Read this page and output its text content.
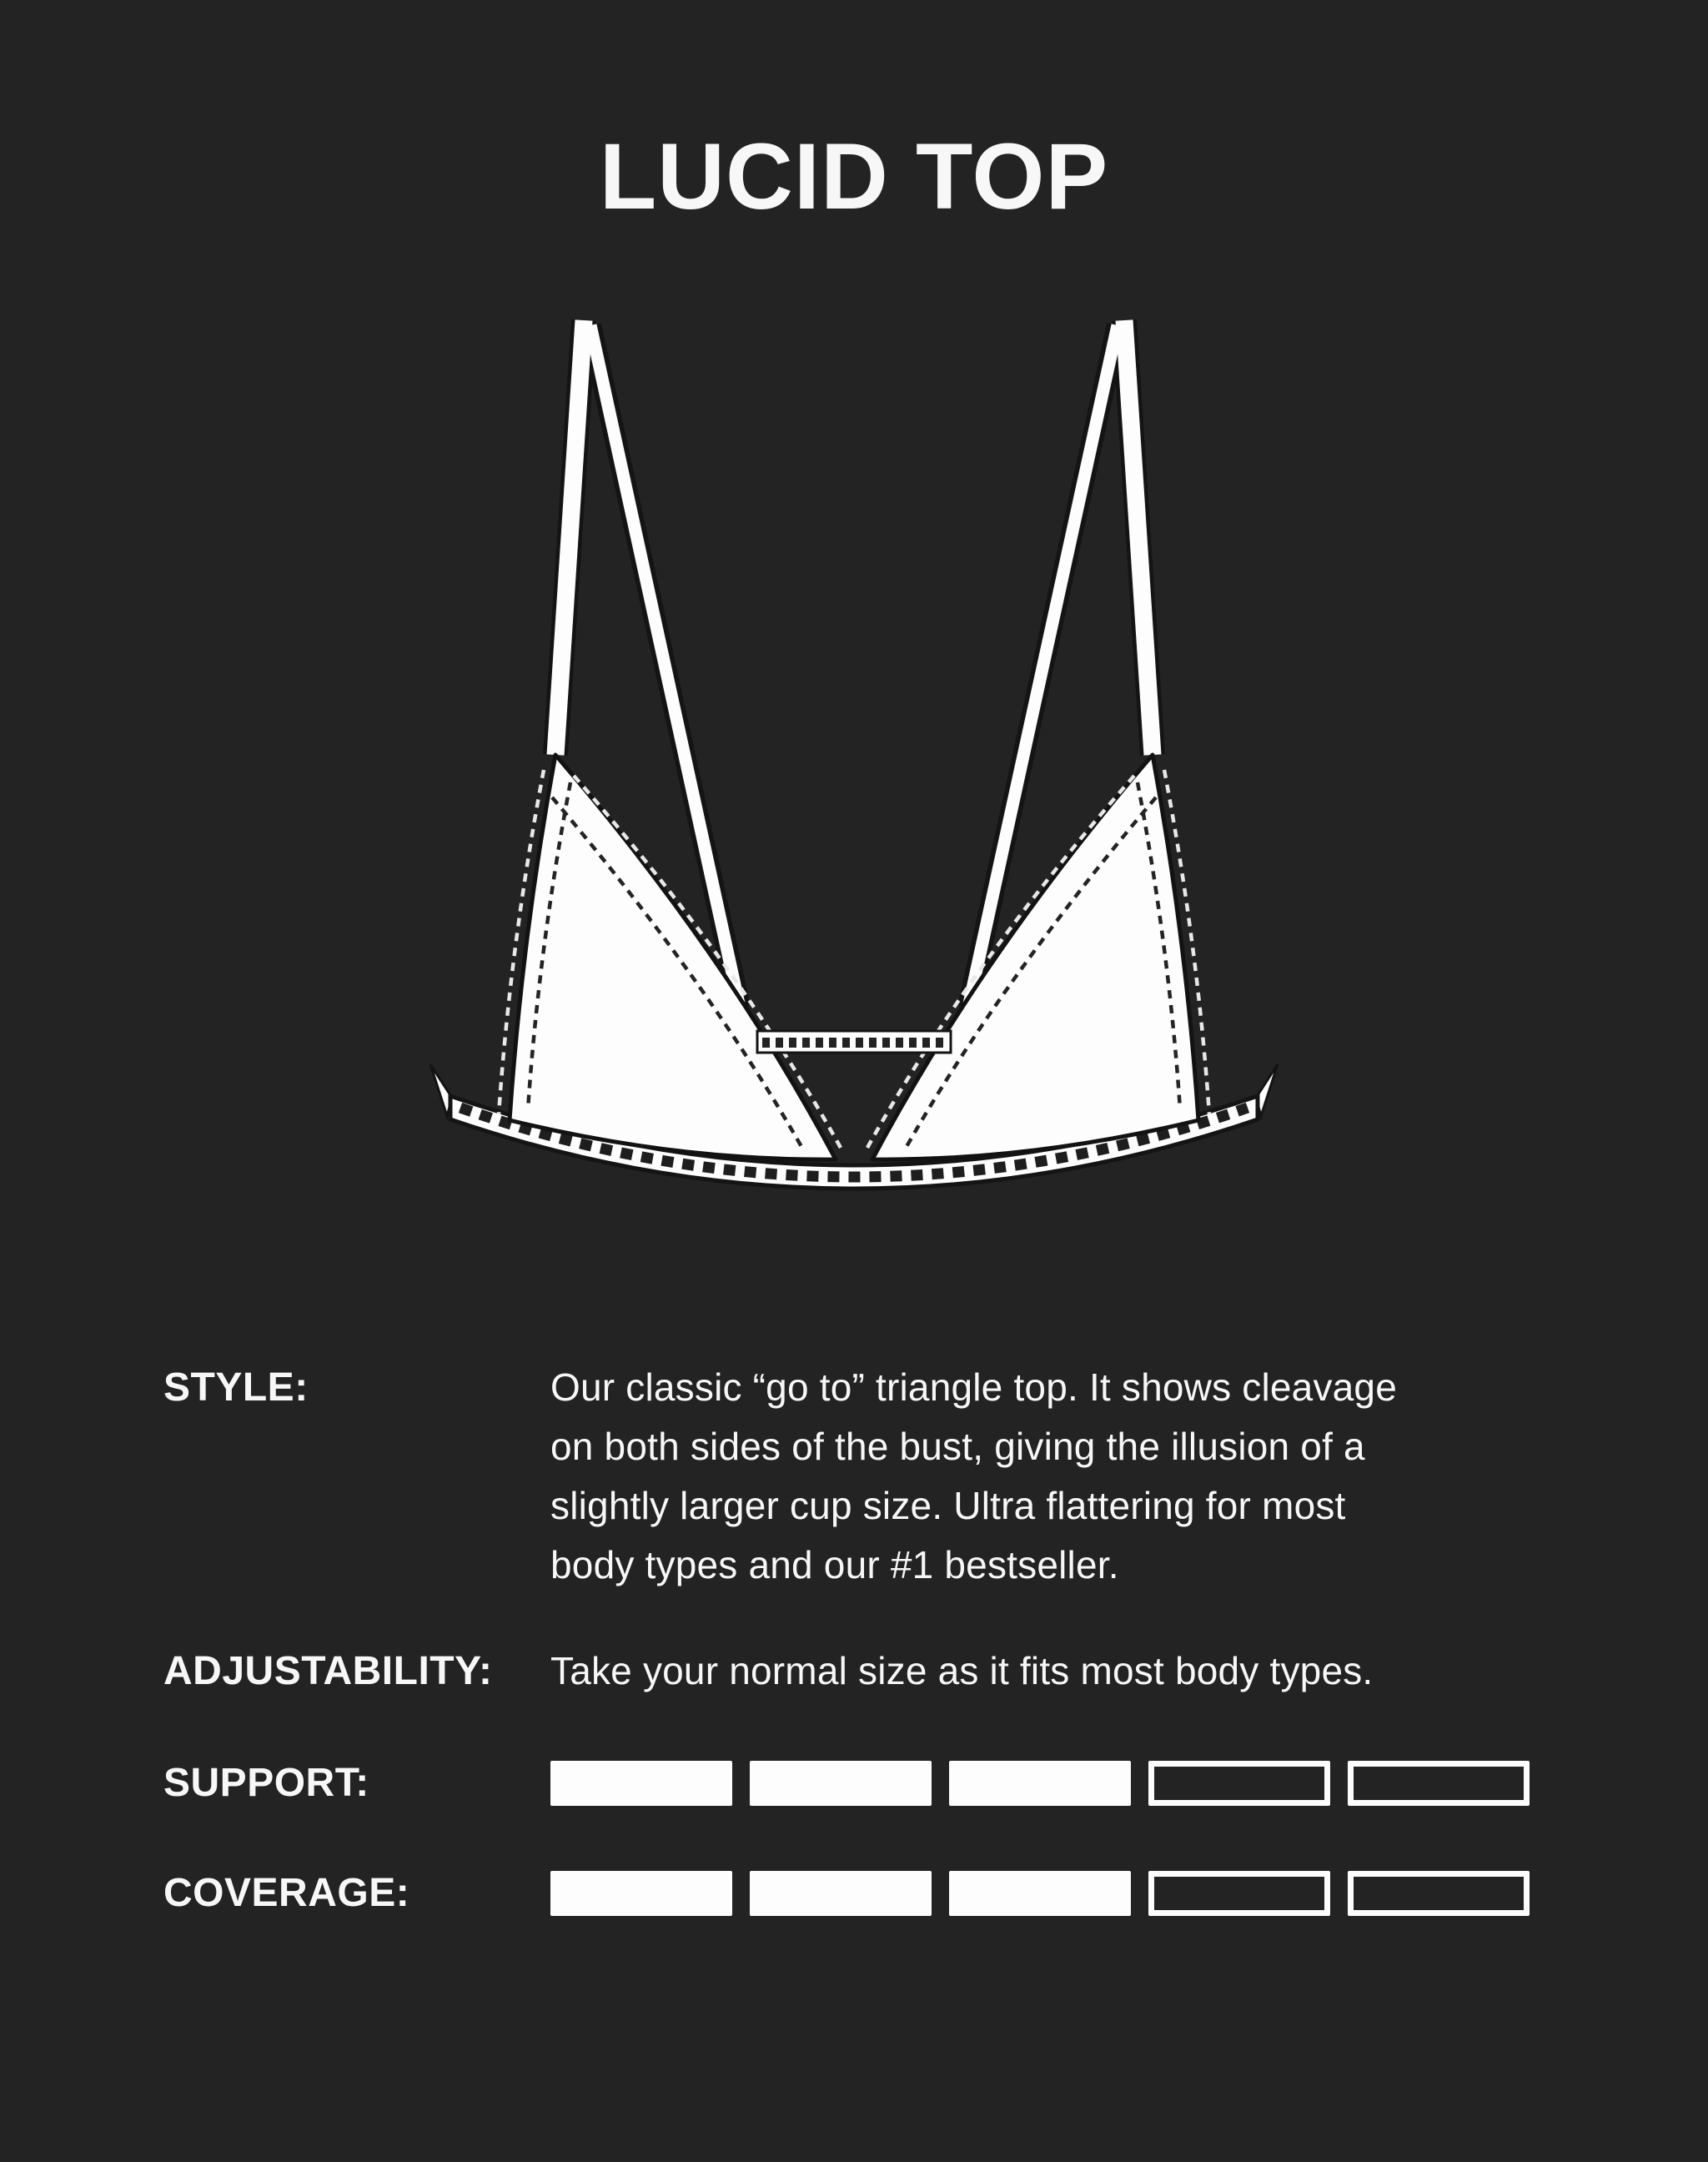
LUCID TOP
STYLE:	Our classic “go to” triangle top. It shows cleavage
on both sides of the bust, giving the illusion of a
slightly larger cup size. Ultra flattering for most
body types and our #1 bestseller.
ADJUSTABILITY:	Take your normal size as it fits most body types.
SUPPORT:
COVERAGE:
